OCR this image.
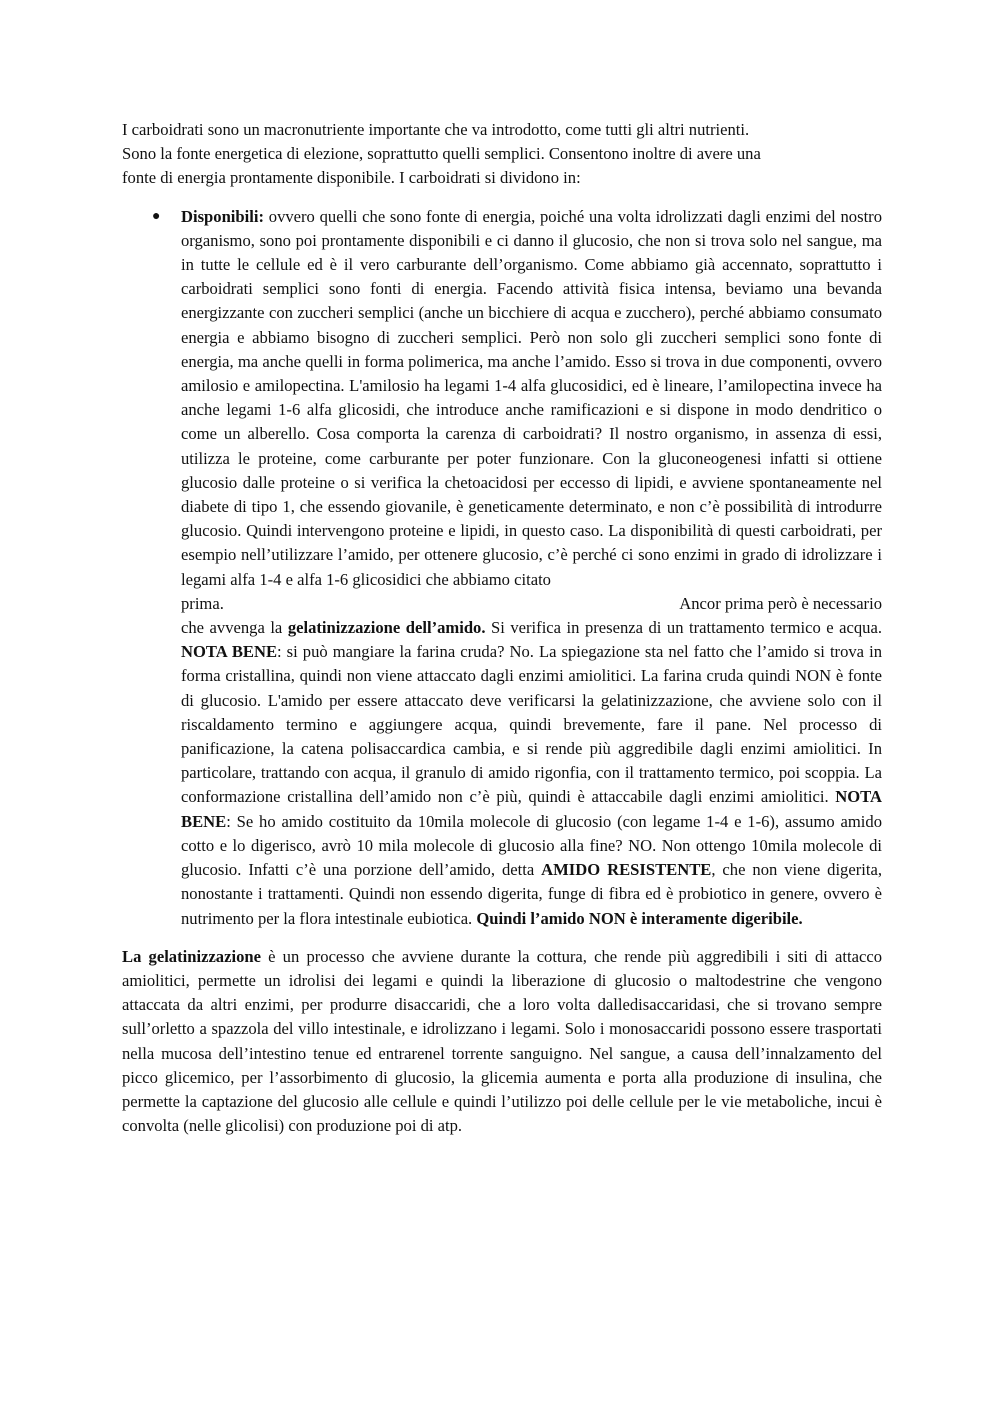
I carboidrati sono un macronutriente importante che va introdotto, come tutti gli altri nutrienti.
Sono la fonte energetica di elezione, soprattutto quelli semplici. Consentono inoltre di avere una
fonte di energia prontamente disponibile. I carboidrati si dividono in:

● Disponibili: ovvero quelli che sono fonte di energia, poiché una volta idrolizzati dagli enzimi del nostro organismo, sono poi prontamente disponibili e ci danno il glucosio, che non si trova solo nel sangue, ma in tutte le cellule ed è il vero carburante dell’organismo. Come abbiamo già accennato, soprattutto i carboidrati semplici sono fonti di energia. Facendo attività fisica intensa, beviamo una bevanda energizzante con zuccheri semplici (anche un bicchiere di acqua e zucchero), perché abbiamo consumato energia e abbiamo bisogno di zuccheri semplici. Però non solo gli zuccheri semplici sono fonte di energia, ma anche quelli in forma polimerica, ma anche l’amido. Esso si trova in due componenti, ovvero amilosio e amilopectina. L'amilosio ha legami 1-4 alfa glucosidici, ed è lineare, l’amilopectina invece ha anche legami 1-6 alfa glicosidi, che introduce anche ramificazioni e si dispone in modo dendritico o come un alberello. Cosa comporta la carenza di carboidrati? Il nostro organismo, in assenza di essi, utilizza le proteine, come carburante per poter funzionare. Con la gluconeogenesi infatti si ottiene glucosio dalle proteine o si verifica la chetoacidosi per eccesso di lipidi, e avviene spontaneamente nel diabete di tipo 1, che essendo giovanile, è geneticamente determinato, e non c’è possibilità di introdurre glucosio. Quindi intervengono proteine e lipidi, in questo caso. La disponibilità di questi carboidrati, per esempio nell’utilizzare l’amido, per ottenere glucosio, c’è perché ci sono enzimi in grado di idrolizzare i legami alfa 1-4 e alfa 1-6 glicosidici che abbiamo citato

prima.	Ancor prima però è necessario

che avvenga la gelatinizzazione dell’amido. Si verifica in presenza di un trattamento termico e acqua. NOTA BENE: si può mangiare la farina cruda? No. La spiegazione sta nel fatto che l’amido si trova in forma cristallina, quindi non viene attaccato dagli enzimi amiolitici. La farina cruda quindi NON è fonte di glucosio. L'amido per essere attaccato deve verificarsi la gelatinizzazione, che avviene solo con il riscaldamento termino e aggiungere acqua, quindi brevemente, fare il pane. Nel processo di panificazione, la catena polisaccardica cambia, e si rende più aggredibile dagli enzimi amiolitici. In particolare, trattando con acqua, il granulo di amido rigonfia, con il trattamento termico, poi scoppia. La conformazione cristallina dell’amido non c’è più, quindi è attaccabile dagli enzimi amiolitici. NOTA BENE: Se ho amido costituito da 10mila molecole di glucosio (con legame 1-4 e 1-6), assumo amido cotto e lo digerisco, avrò 10 mila molecole di glucosio alla fine? NO. Non ottengo 10mila molecole di glucosio. Infatti c’è una porzione dell’amido, detta AMIDO RESISTENTE, che non viene digerita, nonostante i trattamenti. Quindi non essendo digerita, funge di fibra ed è probiotico in genere, ovvero è nutrimento per la flora intestinale eubiotica. Quindi l’amido NON è interamente digeribile.

La gelatinizzazione è un processo che avviene durante la cottura, che rende più aggredibili i siti di attacco amiolitici, permette un idrolisi dei legami e quindi la liberazione di glucosio o maltodestrine che vengono attaccata da altri enzimi, per produrre disaccaridi, che a loro volta dalledisaccaridasi, che si trovano sempre sull’orletto a spazzola del villo intestinale, e idrolizzano i legami. Solo i monosaccaridi possono essere trasportati nella mucosa dell’intestino tenue ed entrarenel torrente sanguigno. Nel sangue, a causa dell’innalzamento del picco glicemico, per l’assorbimento di glucosio, la glicemia aumenta e porta alla produzione di insulina, che permette la captazione del glucosio alle cellule e quindi l’utilizzo poi delle cellule per le vie metaboliche, incui è convolta (nelle glicolisi) con produzione poi di atp.
